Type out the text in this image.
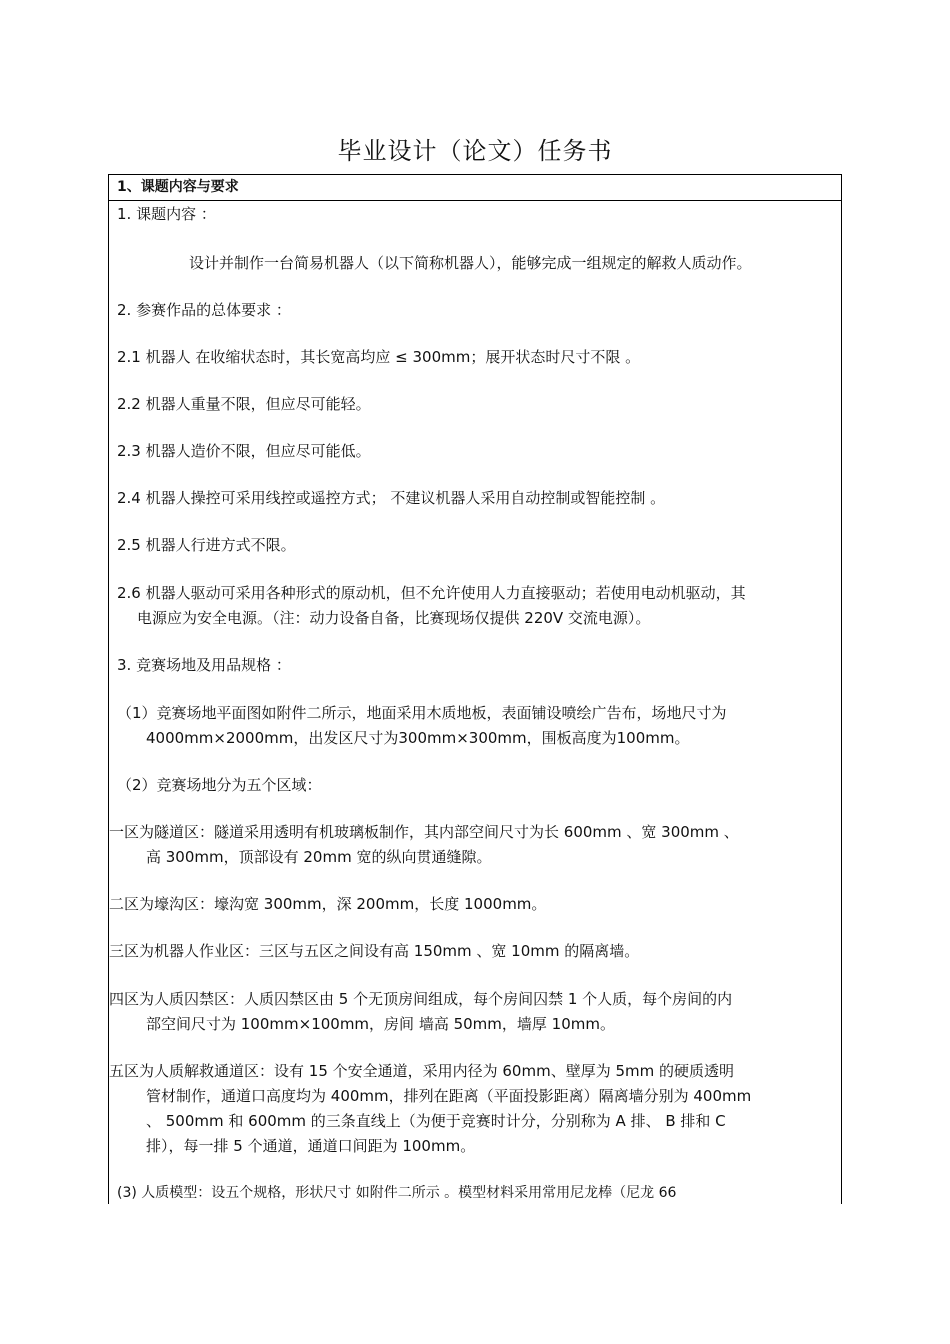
毕业设计（论文）任务书
1、课题内容与要求
1. 课题内容 ：
设计并制作一台简易机器人（以下简称机器人），能够完成一组规定的解救人质动作。
2. 参赛作品的总体要求 ：
2.1 机器人 在收缩状态时，其长宽高均应 ≤ 300mm；展开状态时尺寸不限 。
2.2 机器人重量不限，但应尽可能轻。
2.3 机器人造价不限，但应尽可能低。
2.4 机器人操控可采用线控或遥控方式； 不建议机器人采用自动控制或智能控制 。
2.5 机器人行进方式不限。
2.6 机器人驱动可采用各种形式的原动机，但不允许使用人力直接驱动；若使用电动机驱动，其
电源应为安全电源。（注：动力设备自备，比赛现场仅提供 220V 交流电源）。
3. 竞赛场地及用品规格 ：
（1）竞赛场地平面图如附件二所示，地面采用木质地板，表面铺设喷绘广告布，场地尺寸为
4000mm×2000mm，出发区尺寸为300mm×300mm，围板高度为100mm。
（2）竞赛场地分为五个区域：
一区为隧道区：隧道采用透明有机玻璃板制作，其内部空间尺寸为长 600mm 、宽 300mm 、
高 300mm，顶部设有 20mm 宽的纵向贯通缝隙。
二区为壕沟区：壕沟宽 300mm，深 200mm，长度 1000mm。
三区为机器人作业区：三区与五区之间设有高 150mm 、宽 10mm 的隔离墙。
四区为人质囚禁区：人质囚禁区由 5 个无顶房间组成，每个房间囚禁 1 个人质，每个房间的内
部空间尺寸为 100mm×100mm，房间 墙高 50mm，墙厚 10mm。
五区为人质解救通道区：设有 15 个安全通道，采用内径为 60mm、壁厚为 5mm 的硬质透明
管材制作，通道口高度均为 400mm，排列在距离（平面投影距离）隔离墙分别为 400mm
、 500mm 和 600mm 的三条直线上（为便于竞赛时计分，分别称为 A 排、 B 排和 C
排），每一排 5 个通道，通道口间距为 100mm。
(3) 人质模型：设五个规格，形状尺寸 如附件二所示 。模型材料采用常用尼龙棒（尼龙 66
